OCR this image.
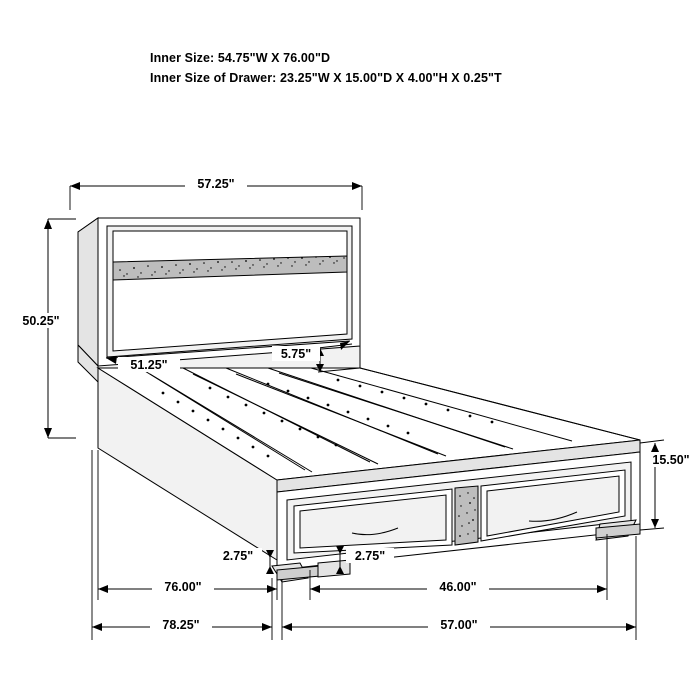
Inner Size: 54.75"W X 76.00"D
Inner Size of Drawer: 23.25"W X 15.00"D X 4.00"H X 0.25"T
57.25"
50.25"
51.25"
5.75"
15.50"
2.75"	2.75"
76.00"	46.00"
78.25"	57.00"
